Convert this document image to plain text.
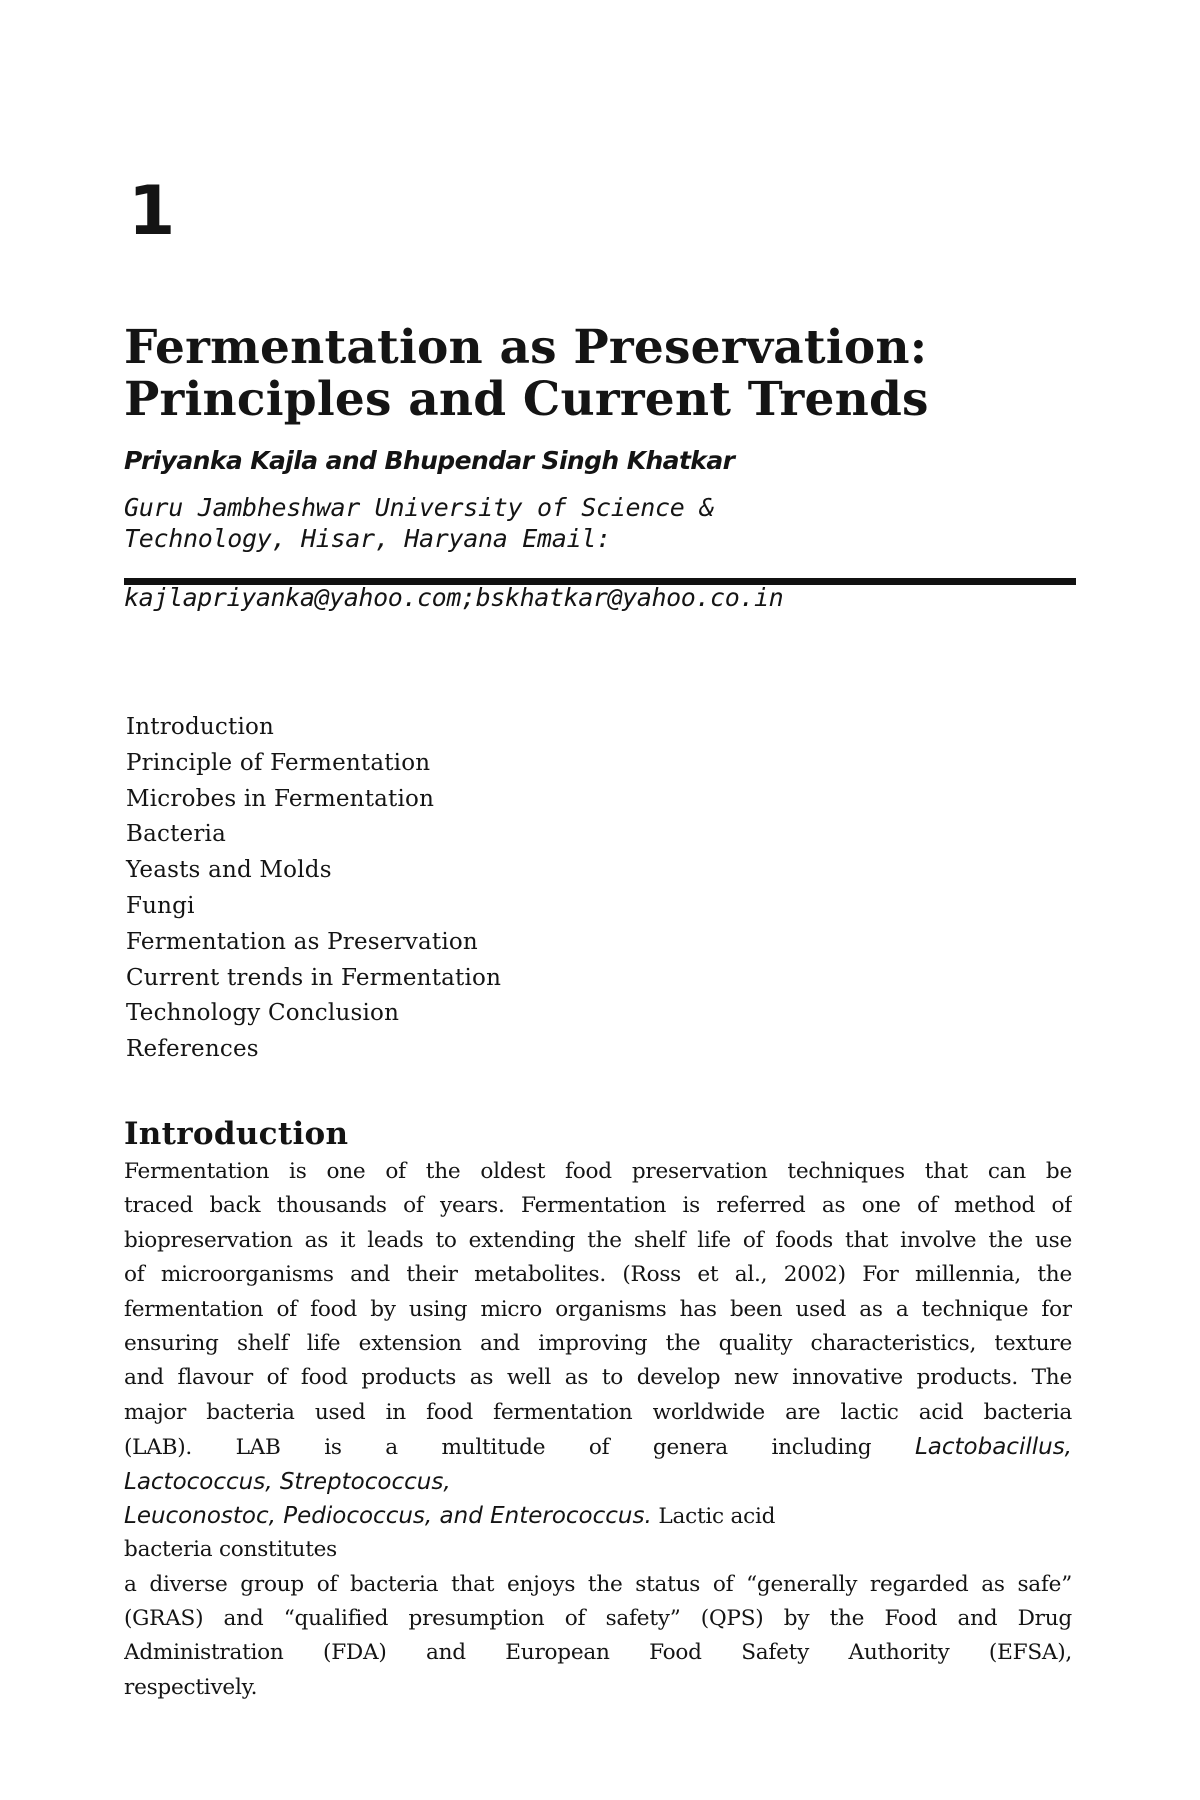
1
Fermentation as Preservation:
Principles and Current Trends
Priyanka Kajla and Bhupendar Singh Khatkar
Guru Jambheshwar University of Science &
Technology, Hisar, Haryana Email:
kajlapriyanka@yahoo.com;bskhatkar@yahoo.co.in
Introduction
Principle of Fermentation
Microbes in Fermentation
Bacteria
Yeasts and Molds
Fungi
Fermentation as Preservation
Current trends in Fermentation
Technology Conclusion
References
Introduction
Fermentation is one of the oldest food preservation techniques that can be
traced back thousands of years. Fermentation is referred as one of method of
biopreservation as it leads to extending the shelf life of foods that involve the use
of microorganisms and their metabolites. (Ross et al., 2002) For millennia, the
fermentation of food by using micro organisms has been used as a technique for
ensuring shelf life extension and improving the quality characteristics, texture
and flavour of food products as well as to develop new innovative products. The
major bacteria used in food fermentation worldwide are lactic acid bacteria
(LAB). LAB is a multitude of genera including Lactobacillus,
Lactococcus, Streptococcus,
Leuconostoc, Pediococcus, and Enterococcus. Lactic acid
bacteria constitutes
a diverse group of bacteria that enjoys the status of “generally regarded as safe”
(GRAS) and “qualified presumption of safety” (QPS) by the Food and Drug
Administration (FDA) and European Food Safety Authority (EFSA),
respectively.
